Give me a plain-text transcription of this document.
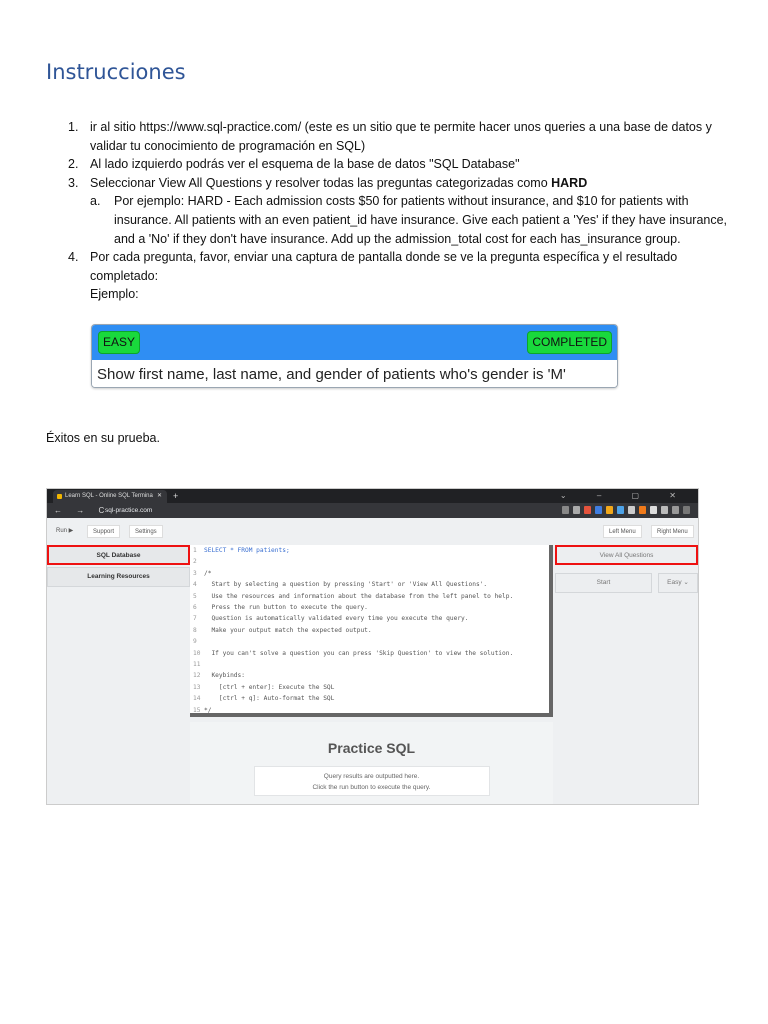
Instrucciones
1. ir al sitio https://www.sql-practice.com/ (este es un sitio que te permite hacer unos queries a una base de datos y validar tu conocimiento de programación en SQL)
2. Al lado izquierdo podrás ver el esquema de la base de datos "SQL Database"
3. Seleccionar View All Questions y resolver todas las preguntas categorizadas como HARD
a. Por ejemplo: HARD - Each admission costs $50 for patients without insurance, and $10 for patients with insurance. All patients with an even patient_id have insurance. Give each patient a 'Yes' if they have insurance, and a 'No' if they don't have insurance. Add up the admission_total cost for each has_insurance group.
4. Por cada pregunta, favor, enviar una captura de pantalla donde se ve la pregunta específica y el resultado completado:
Ejemplo:
EASY	COMPLETED
Show first name, last name, and gender of patients who's gender is 'M'
Éxitos en su prueba.
Learn SQL - Online SQL Termina ✕ +	⌄ – ▢ ✕
← → C
sql-practice.com
Run ▶	Support	Settings	Left Menu	Right Menu
SQL Database
Learning Resources
1	SELECT * FROM patients;
2
3	/*
4	Start by selecting a question by pressing 'Start' or 'View All Questions'.
5	Use the resources and information about the database from the left panel to help.
6	Press the run button to execute the query.
7	Question is automatically validated every time you execute the query.
8	Make your output match the expected output.
9
10 If you can't solve a question you can press 'Skip Question' to view the solution.
11
12 Keybinds:
13 [ctrl + enter]: Execute the SQL
14 [ctrl + q]: Auto-format the SQL
15 */
View All Questions
Start	Easy ⌄
Practice SQL
Query results are outputted here.
Click the run button to execute the query.
